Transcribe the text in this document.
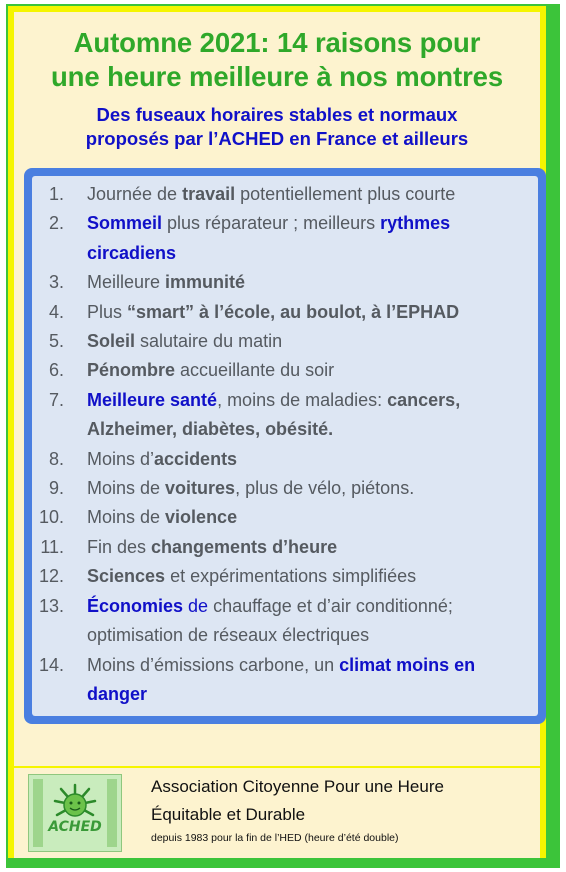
Automne 2021: 14 raisons pour
une heure meilleure à nos montres
Des fuseaux horaires stables et normaux
proposés par l’ACHED en France et ailleurs
1. Journée de travail potentiellement plus courte
2. Sommeil plus réparateur ; meilleurs rythmes circadiens
3. Meilleure immunité
4. Plus “smart” à l’école, au boulot, à l’EPHAD
5. Soleil salutaire du matin
6. Pénombre accueillante du soir
7. Meilleure santé, moins de maladies: cancers, Alzheimer, diabètes, obésité.
8. Moins d’accidents
9. Moins de voitures, plus de vélo, piétons.
10. Moins de violence
11. Fin des changements d’heure
12. Sciences et expérimentations simplifiées
13. Économies de chauffage et d’air conditionné; optimisation de réseaux électriques
14. Moins d’émissions carbone, un climat moins en danger
ACHED
Association Citoyenne Pour une Heure
Équitable et Durable
depuis 1983 pour la fin de l’HED (heure d’été double)
